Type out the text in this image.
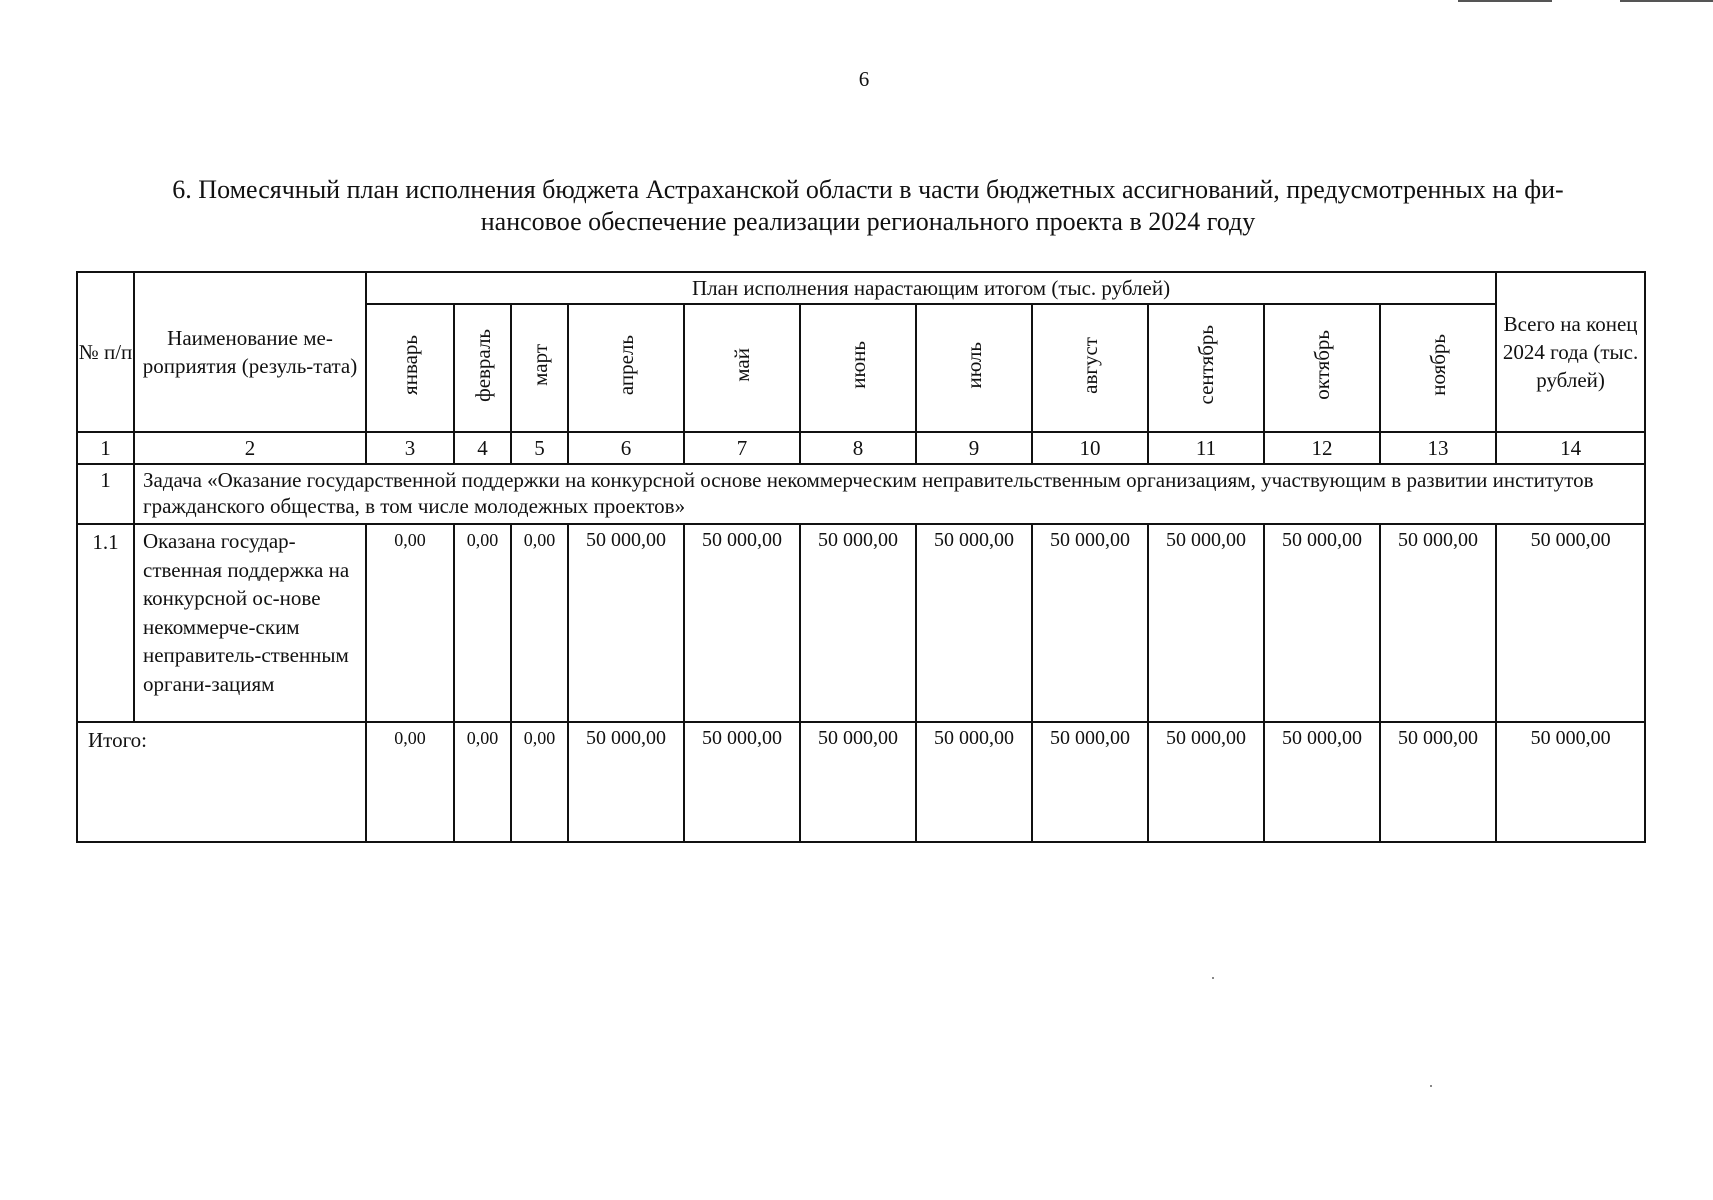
6
6. Помесячный план исполнения бюджета Астраханской области в части бюджетных ассигнований, предусмотренных на фи-
нансовое обеспечение реализации регионального проекта в 2024 году
№ п/п	Наименование ме-роприятия (резуль-тата)	План исполнения нарастающим итогом (тыс. рублей)											Всего на конец 2024 года (тыс. рублей)
		январь	февраль	март	апрель	май	июнь	июль	август	сентябрь	октябрь	ноябрь	
1	2	3	4	5	6	7	8	9	10	11	12	13	14
1	Задача «Оказание государственной поддержки на конкурсной основе некоммерческим неправительственным организациям, участвующим в развитии институтов гражданского общества, в том числе молодежных проектов»												
1.1	Оказана государ-ственная поддержка на конкурсной ос-нове некоммерче-ским неправитель-ственным органи-зациям	0,00	0,00	0,00	50 000,00	50 000,00	50 000,00	50 000,00	50 000,00	50 000,00	50 000,00	50 000,00	50 000,00
Итого:		0,00	0,00	0,00	50 000,00	50 000,00	50 000,00	50 000,00	50 000,00	50 000,00	50 000,00	50 000,00	50 000,00
